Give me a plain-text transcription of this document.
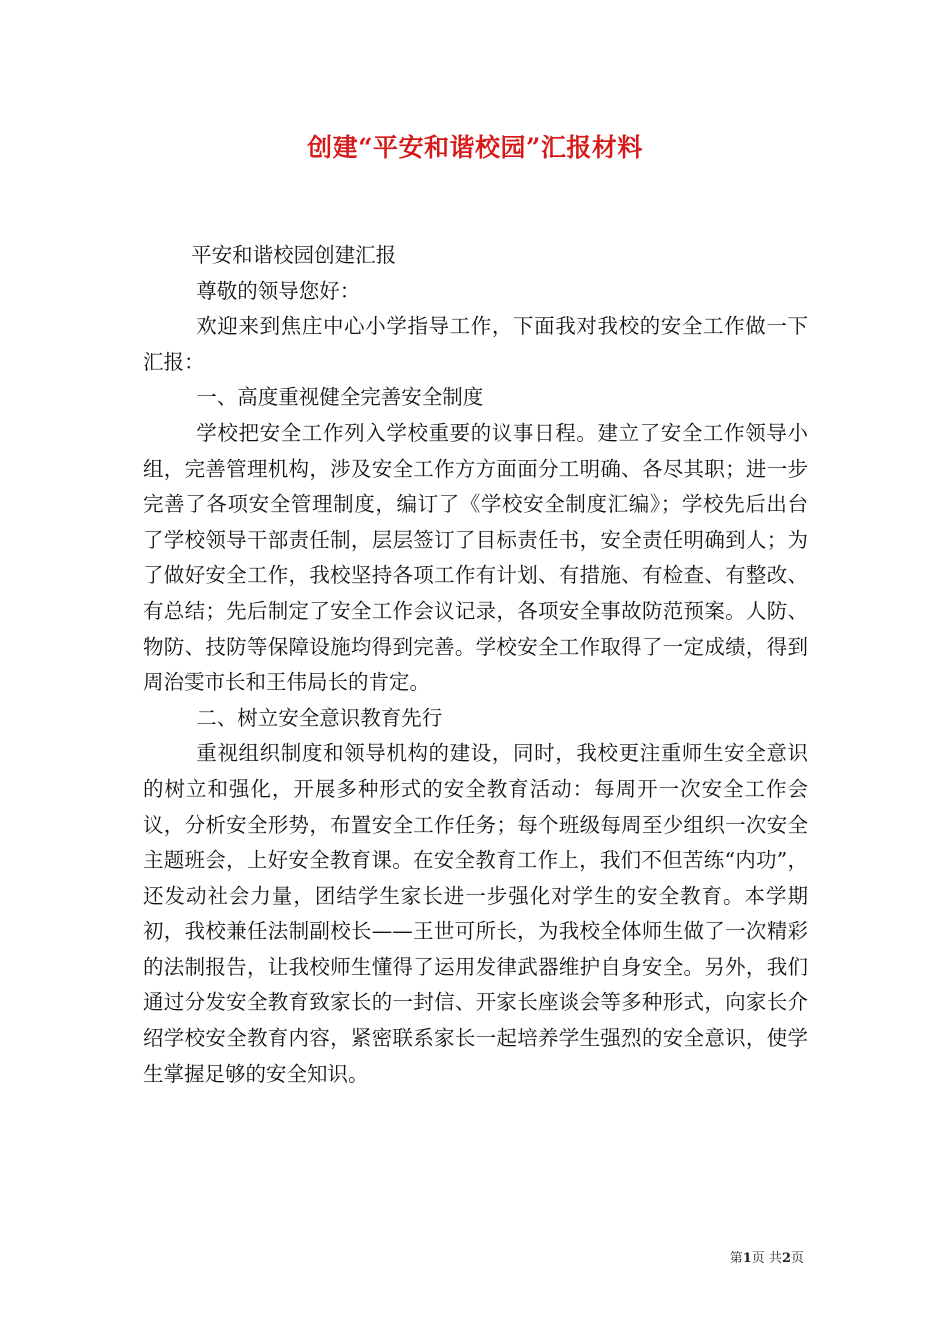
创建“平安和谐校园”汇报材料

平安和谐校园创建汇报

尊敬的领导您好：

欢迎来到焦庄中心小学指导工作，下面我对我校的安全工作做一下汇报：

一、高度重视健全完善安全制度

学校把安全工作列入学校重要的议事日程。建立了安全工作领导小组，完善管理机构，涉及安全工作方方面面分工明确、各尽其职；进一步完善了各项安全管理制度，编订了《学校安全制度汇编》；学校先后出台了学校领导干部责任制，层层签订了目标责任书，安全责任明确到人；为了做好安全工作，我校坚持各项工作有计划、有措施、有检查、有整改、有总结；先后制定了安全工作会议记录，各项安全事故防范预案。人防、物防、技防等保障设施均得到完善。学校安全工作取得了一定成绩，得到周治雯市长和王伟局长的肯定。

二、树立安全意识教育先行

重视组织制度和领导机构的建设，同时，我校更注重师生安全意识的树立和强化，开展多种形式的安全教育活动：每周开一次安全工作会议，分析安全形势，布置安全工作任务；每个班级每周至少组织一次安全主题班会，上好安全教育课。在安全教育工作上，我们不但苦练“内功”，还发动社会力量，团结学生家长进一步强化对学生的安全教育。本学期初，我校兼任法制副校长——王世可所长，为我校全体师生做了一次精彩的法制报告，让我校师生懂得了运用发律武器维护自身安全。另外，我们通过分发安全教育致家长的一封信、开家长座谈会等多种形式，向家长介绍学校安全教育内容，紧密联系家长一起培养学生强烈的安全意识，使学生掌握足够的安全知识。

第1页 共2页
